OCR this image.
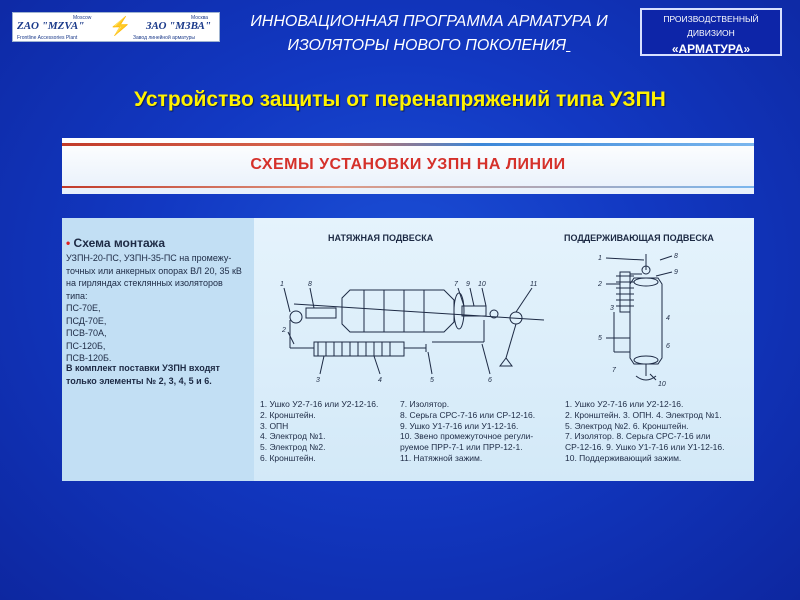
Moscow
ZAO "MZVA"
Frontline Accessories Plant
⚡	Москва
ЗАО "МЗВА"
Завод линейной арматуры
ИННОВАЦИОННАЯ ПРОГРАММА АРМАТУРА И
ИЗОЛЯТОРЫ НОВОГО ПОКОЛЕНИЯ
ПРОИЗВОДСТВЕННЫЙ
ДИВИЗИОН
«АРМАТУРА»
Устройство защиты от перенапряжений типа УЗПН
СХЕМЫ УСТАНОВКИ УЗПН НА ЛИНИИ
• Схема монтажа
УЗПН-20-ПС, УЗПН-35-ПС на промежу-
точных или анкерных опорах ВЛ 20, 35 кВ
на гирляндах стеклянных изоляторов
типа:
ПС-70Е,
ПСД-70Е,
ПСВ-70А,
ПС-120Б,
ПСВ-120Б.
В комплект поставки УЗПН входят
только элементы № 2, 3, 4, 5 и 6.
НАТЯЖНАЯ ПОДВЕСКА	ПОДДЕРЖИВАЮЩАЯ ПОДВЕСКА
1	8
2
7 9 10	11
3	4	5	6
1	8
9
3
2
4
5
6
7
10
1. Ушко У2-7-16 или У2-12-16.
2. Кронштейн.
3. ОПН
4. Электрод №1.
5. Электрод №2.
6. Кронштейн.
7. Изолятор.
8. Серьга СРС-7-16 или СР-12-16.
9. Ушко У1-7-16 или У1-12-16.
10. Звено промежуточное регули-
руемое ПРР-7-1 или ПРР-12-1.
11. Натяжной зажим.
1. Ушко У2-7-16 или У2-12-16.
2. Кронштейн. 3. ОПН. 4. Электрод №1.
5. Электрод №2. 6. Кронштейн.
7. Изолятор. 8. Серьга СРС-7-16 или
СР-12-16. 9. Ушко У1-7-16 или У1-12-16.
10. Поддерживающий зажим.
